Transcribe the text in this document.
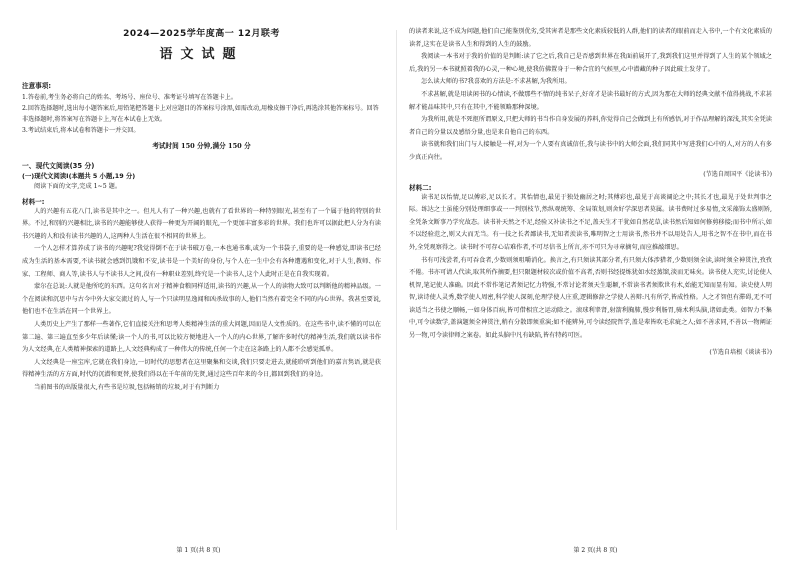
2024—2025学年度高一 12月联考

语文试题

注意事项:

1.答卷前,考生务必将自己的姓名、考场号、座位号、准考证号填写在答题卡上。

2.回答选择题时,选出每小题答案后,用铅笔把答题卡上对应题目的答案标号涂黑,如需改动,用橡皮擦干净后,再选涂其他答案标号。回答非选择题时,将答案写在答题卡上,写在本试卷上无效。

3.考试结束后,将本试卷和答题卡一并交回。

考试时间 150 分钟,满分 150 分

一、现代文阅读(35 分)

(一)现代文阅读Ⅰ(本题共 5 小题,19 分)

阅读下面的文字,完成 1~5 题。

材料一:

人的兴趣有五花八门,读书是其中之一。但凡人有了一种兴趣,也就有了看世界的一种特别眼光,甚至有了一个属于他的特别的世界。不过,和别的兴趣相比,读书的兴趣能够使人获得一种更为开阔的眼光,一个更加丰富多彩的世界。我们也许可以据此把人分为有读书兴趣的人和没有读书兴趣的人,这两种人生活在很不相同的世界上。

一个人怎样才算养成了读书的兴趣呢?我觉得倒不在于读书破万卷,一本也通书难,或为一个书袋子,重要的是一种感觉,即读书已经成为生活的基本需要,不读书就会感到饥饿和不安,读书是一个美好的身份,与个人在一生中会有各种遭遇和变化,对于人生,教师、作家、工程师、商人等,读书人与不读书人之间,没有一种职业差别,终究是一个读书人,这个人此时正是在自我实现着。

蒙尔在总说:人就是他所吃的东西。这句名言对于精神食粮同样适用,读书的兴趣,从一个人的读物大致可以判断他的精神品级。一个在阅读和沉思中与古今中外大家交流过的人,与一个只读明星逸闻和凶杀故事的人,他们当然有着完全不同的内心世界。我甚至要说,他们也不在生活在同一个世界上。

人类历史上产生了那样一些著作,它们直接关注和思考人类精神生活的重大问题,因而是人文性质的。在这些书中,读不懂的可以在第二遍、第三遍直至多少年后读懂;读一个人的书,可以比较方便地进入一个人的内心世界,了解许多时代的精神生活,我们就以读书作为人文经典,在人类精神探索的道路上,人文经典构成了一种伟大的传统,任何一个走在这条路上的人都不会感觉孤单。

人文经典是一座宝库,它就在我们身边,一切时代的思想者在这里聚集和交谈,我们只要走进去,就能聆听到他们的嘉言隽语,就是获得精神生活的方方面,时代的沉潜和更替,使我们得以在千年前的先贤,通过这些百年来的今日,都回到我们的身边。

当前图书的出版量很大,有些书是垃圾,包括畅销的垃圾,对于有判断力

第 1 页(共 8 页)

的读者来说,这不成为问题,他们自己能鉴别优劣,受其害者是那些文化素质较低的人群,他们的读者的眼前而走入书中,一个有文化素质的读者,这实在是读书人生和得到的人生的鼓励。

我阅读一本书对于我的价值的是判断:读了它之后,我自己是否感到世界在我面前展开了,我到我们这里并得到了人生的某个领域之后,我的另一本书就照着我的心灵,一种心境,使我仿佛置身于一种合宜的气候里,心中潜藏的种子因此破土发芽了。

怎么读大师的书?我喜欢的方法是:不求甚解,为我所用。

不求甚解,就是用读闲书的心情读,不做那些不情的纯书呆子,好奇才是读书最好的方式,因为那在大师的经典文献不值得挑战,不求甚解才能品味其中,只有在其中,不能领略那种深境。

为我所用,就是不死抠所谓原义,只把大师的书当作自身发展的养料,你觉得自己会做到上有所感悟,对于作品理解的深浅,其实全凭读者自己的分量以及感悟分量,也是来自他自己的东西。

读书就和我们出门与人接触是一样,对为一个人要有真诚信任,我与读书中的大师会面,我们同其中写进我们心中的人,对方的人有多少真正向往。

(节选自周国平《论读书》)

材料二:

读书足以怡情,足以傅彩,足以长才。其怡情也,最见于独处幽居之时;其傅彩也,最见于高谈阔论之中;其长才也,最见于处世判事之际。练达之士虽能分别处理细事或一一判别枝节,然纵观统筹、全局策划,则舍好学深思者莫属。读书费时过多易惰,文采藻饰太盛则矫,全凭条文断事乃学究故态。读书补天然之不足,经验又补读书之不足,盖天生才干犹如自然花草,读书然后知如何修剪移接;而书中所示,如不以经验范之,则又大而无当。有一技之长者鄙读书,无知者羡读书,唯明智之士用读书,然书并不以用处告人,用书之智不在书中,而在书外,全凭观察得之。读书时不可存心诘难作者,不可尽信书上所言,亦不可只为寻章摘句,而应推敲细思。

书有可浅尝者,有可吞食者,少数则须咀嚼消化。换言之,有只须读其部分者,有只须大体涉猎者,少数则须全读,读时须全神贯注,孜孜不倦。书亦可请人代读,取其所作摘要,但只限题材较次或价值不高者,否则书经提炼犹如水经蒸馏,淡而无味矣。读书使人充实,讨论使人机智,笔记使人准确。因此不常作笔记者须记忆力特强,不常讨论者须天生聪颖,不常读书者须欺世有术,始能无知而显有知。读史使人明智,读诗使人灵秀,数学使人周密,科学使人深刻,伦理学使人庄重,逻辑修辞之学使人善辩:凡有所学,皆成性格。人之才智但有滞碍,无不可读适当之书使之顺畅,一如身体百病,皆可借相宜之运动除之。滚球利睾肾,射箭利胸肺,慢步利肠胃,骑术利头脑,诸如此类。如智力不集中,可令读数学,盖演题须全神贯注,稍有分散即须重演;如不能辨异,可令读经院哲学,盖是辈皆吹毛求疵之人;如不善求同,不善以一物阐证另一物,可令读律师之案卷。如此头脑中凡有缺陷,皆有特药可医。

(节选自培根《谈读书》)

第 2 页(共 8 页)
